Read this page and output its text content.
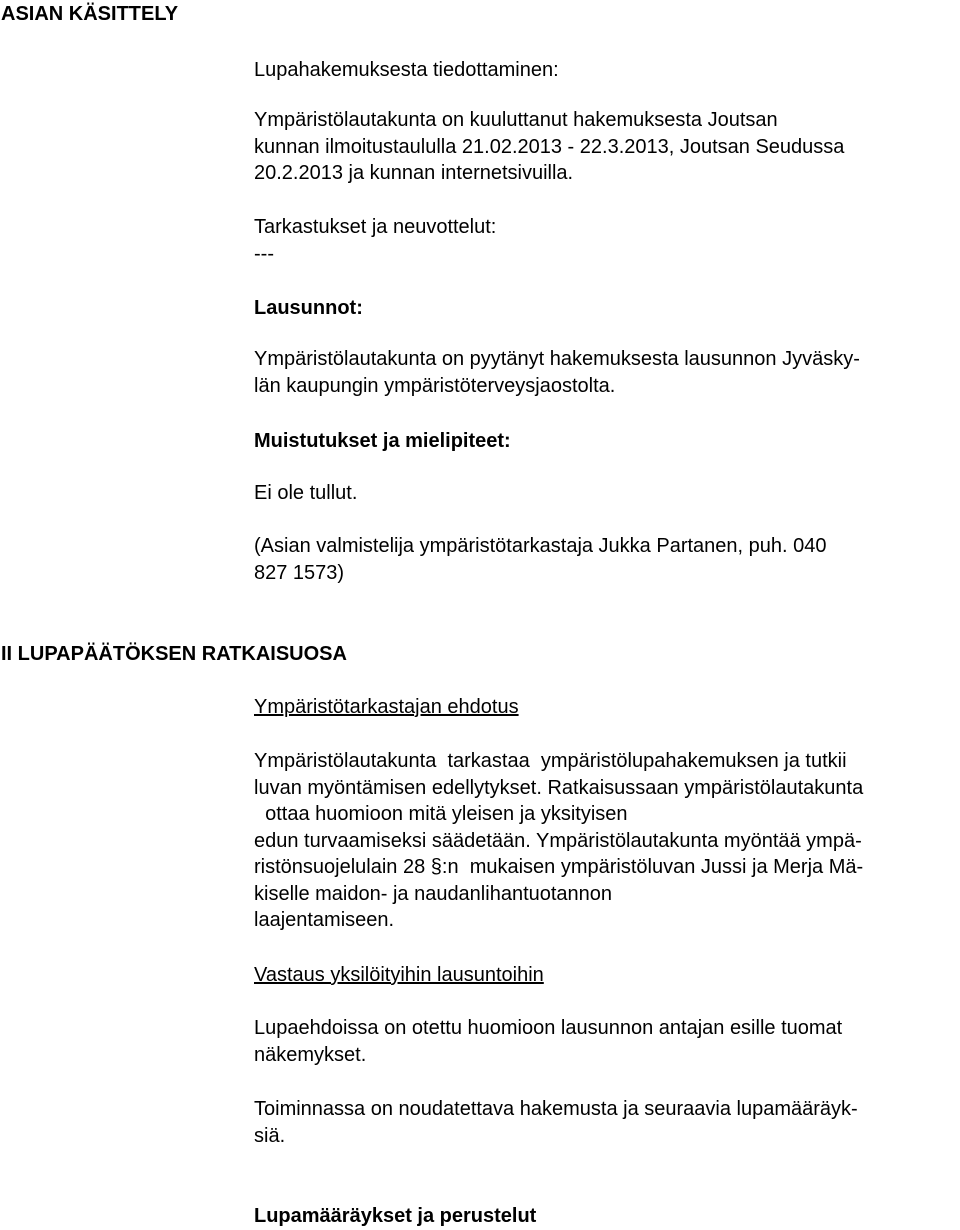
ASIAN KÄSITTELY
Lupahakemuksesta tiedottaminen:
Ympäristölautakunta on kuuluttanut hakemuksesta Joutsan
kunnan ilmoitustaululla 21.02.2013 - 22.3.2013, Joutsan Seudussa
20.2.2013 ja kunnan internetsivuilla.
Tarkastukset ja neuvottelut:
---
Lausunnot:
Ympäristölautakunta on pyytänyt hakemuksesta lausunnon Jyväsky-
län kaupungin ympäristöterveysjaostolta.
Muistutukset ja mielipiteet:
Ei ole tullut.
(Asian valmistelija ympäristötarkastaja Jukka Partanen, puh. 040
827 1573)
II LUPAPÄÄTÖKSEN RATKAISUOSA
Ympäristötarkastajan ehdotus
Ympäristölautakunta  tarkastaa  ympäristölupahakemuksen ja tutkii
luvan myöntämisen edellytykset. Ratkaisussaan ympäristölautakunta
ottaa huomioon mitä yleisen ja yksityisen
edun turvaamiseksi säädetään. Ympäristölautakunta myöntää ympä-
ristönsuojelulain 28 §:n  mukaisen ympäristöluvan Jussi ja Merja Mä-
kiselle maidon- ja naudanlihantuotannon
laajentamiseen.
Vastaus yksilöityihin lausuntoihin
Lupaehdoissa on otettu huomioon lausunnon antajan esille tuomat
näkemykset.
Toiminnassa on noudatettava hakemusta ja seuraavia lupamääräyk-
siä.
Lupamääräykset ja perustelut
